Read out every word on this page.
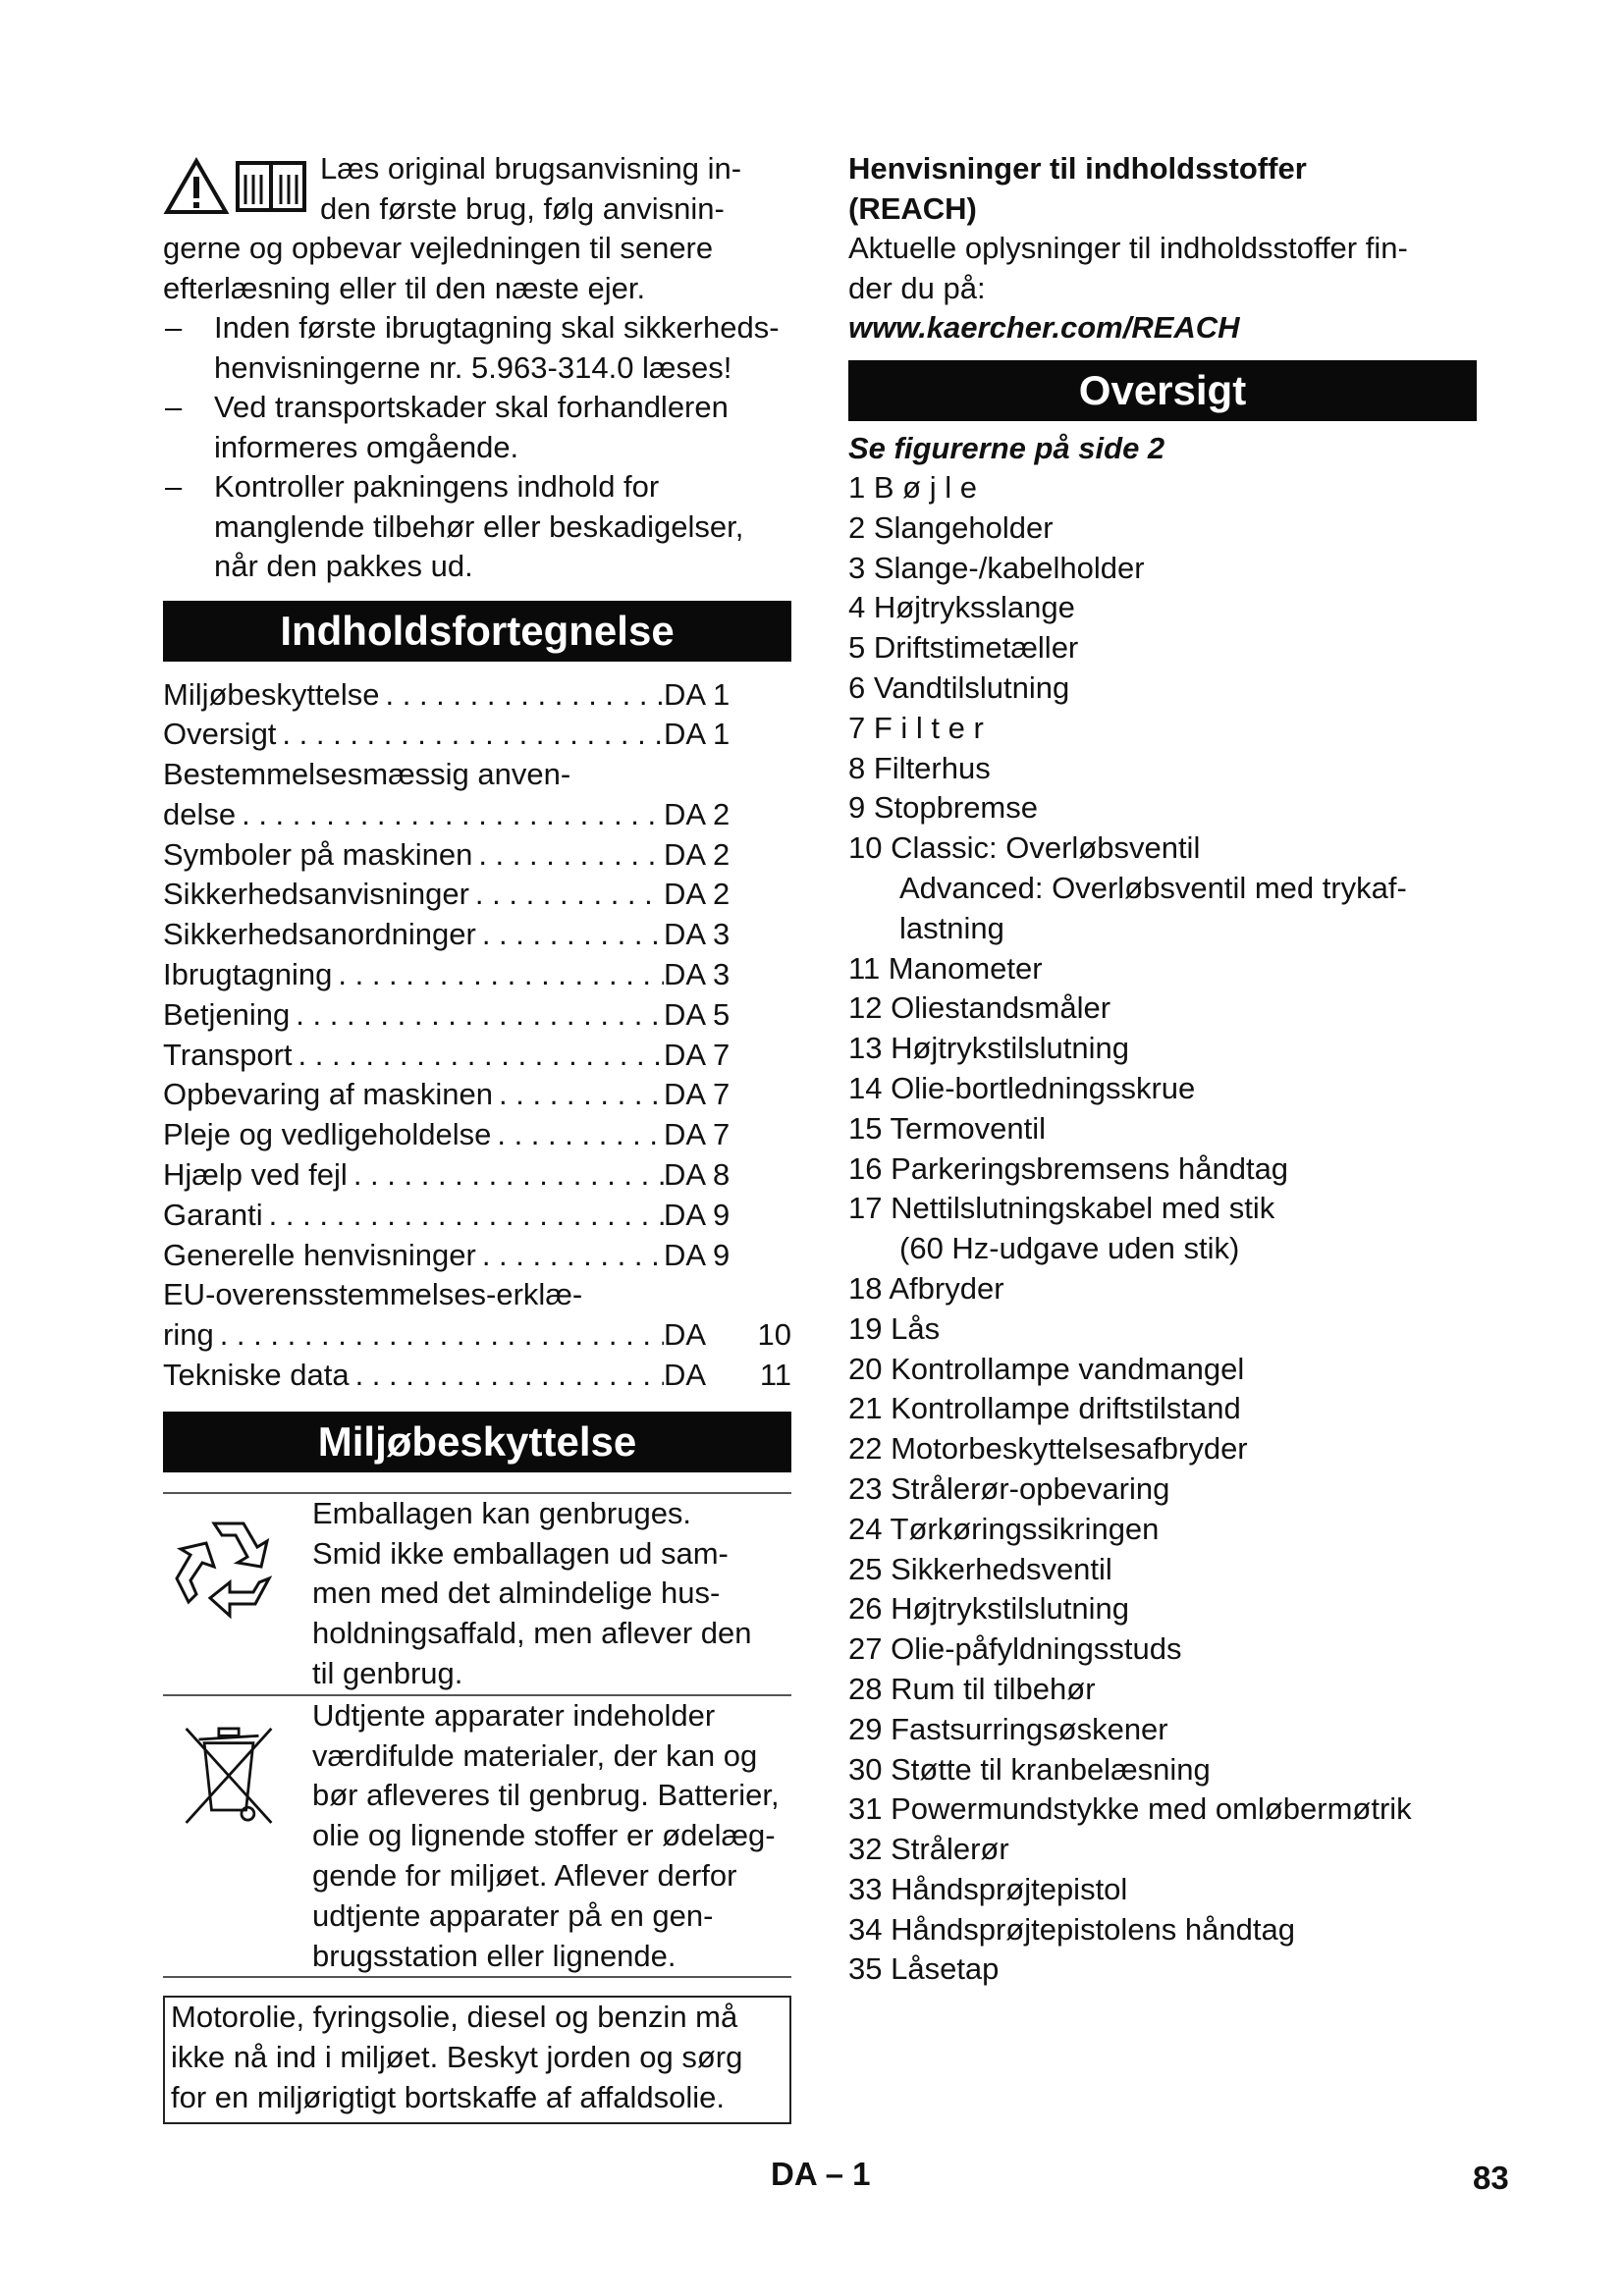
Læs original brugsanvisning in-
den første brug, følg anvisnin-
gerne og opbevar vejledningen til senere
efterlæsning eller til den næste ejer.
– Inden første ibrugtagning skal sikkerheds-
henvisningerne nr. 5.963-314.0 læses!
– Ved transportskader skal forhandleren
informeres omgående.
– Kontroller pakningens indhold for
manglende tilbehør eller beskadigelser,
når den pakkes ud.
Indholdsfortegnelse
Miljøbeskyttelse . . .	DA 1
Oversigt . . .	DA 1
Bestemmelsesmæssig anven-
delse . . .	DA 2
Symboler på maskinen . . .	DA 2
Sikkerhedsanvisninger . . .	DA 2
Sikkerhedsanordninger . . .	DA 3
Ibrugtagning . . .	DA 3
Betjening . . .	DA 5
Transport . . .	DA 7
Opbevaring af maskinen . . .	DA 7
Pleje og vedligeholdelse . . .	DA 7
Hjælp ved fejl . . .	DA 8
Garanti . . .	DA 9
Generelle henvisninger . . .	DA 9
EU-overensstemmelses-erklæ-
ring . . .	DA	10
Tekniske data . . .	DA	11
Miljøbeskyttelse
Emballagen kan genbruges.
Smid ikke emballagen ud sam-
men med det almindelige hus-
holdningsaffald, men aflever den
til genbrug.
Udtjente apparater indeholder
værdifulde materialer, der kan og
bør afleveres til genbrug. Batterier,
olie og lignende stoffer er ødelæg-
gende for miljøet. Aflever derfor
udtjente apparater på en gen-
brugsstation eller lignende.
Motorolie, fyringsolie, diesel og benzin må
ikke nå ind i miljøet. Beskyt jorden og sørg
for en miljørigtigt bortskaffe af affaldsolie.
Henvisninger til indholdsstoffer
(REACH)
Aktuelle oplysninger til indholdsstoffer fin-
der du på:
www.kaercher.com/REACH
Oversigt
Se figurerne på side 2
1 B ø j l e
2 Slangeholder
3 Slange-/kabelholder
4 Højtryksslange
5 Driftstimetæller
6 Vandtilslutning
7 F i l t e r
8 Filterhus
9 Stopbremse
10 Classic: Overløbsventil
Advanced: Overløbsventil med trykaf-
lastning
11 Manometer
12 Oliestandsmåler
13 Højtrykstilslutning
14 Olie-bortledningsskrue
15 Termoventil
16 Parkeringsbremsens håndtag
17 Nettilslutningskabel med stik
(60 Hz-udgave uden stik)
18 Afbryder
19 Lås
20 Kontrollampe vandmangel
21 Kontrollampe driftstilstand
22 Motorbeskyttelsesafbryder
23 Strålerør-opbevaring
24 Tørkøringssikringen
25 Sikkerhedsventil
26 Højtrykstilslutning
27 Olie-påfyldningsstuds
28 Rum til tilbehør
29 Fastsurringsøskener
30 Støtte til kranbelæsning
31 Powermundstykke med omløbermøtrik
32 Strålerør
33 Håndsprøjtepistol
34 Håndsprøjtepistolens håndtag
35 Låsetap
DA – 1	83
